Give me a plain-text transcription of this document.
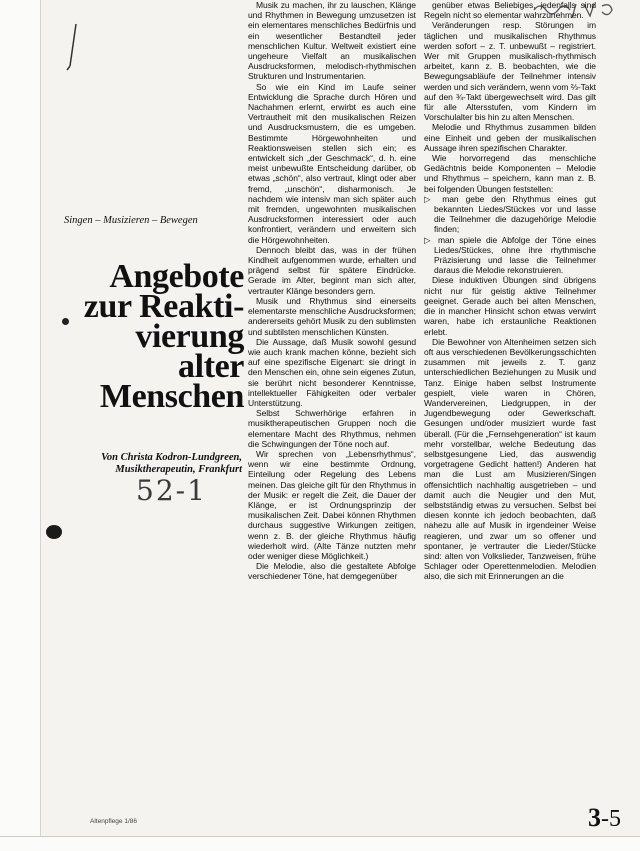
Singen – Musizieren – Bewegen
Angebote
zur Reakti-
vierung
alter
Menschen
Von Christa Kodron-Lundgreen,
Musiktherapeutin, Frankfurt
52-1

Musik zu machen, ihr zu lauschen, Klänge und Rhythmen in Bewegung umzusetzen ist ein elementares menschliches Bedürfnis und ein wesentlicher Bestandteil jeder menschlichen Kultur. Weltweit existiert eine ungeheure Vielfalt an musikalischen Ausdrucksformen, melodisch-rhythmischen Strukturen und Instrumentarien.

So wie ein Kind im Laufe seiner Entwicklung die Sprache durch Hören und Nachahmen erlernt, erwirbt es auch eine Vertrautheit mit den musikalischen Reizen und Ausdrucksmustern, die es umgeben. Bestimmte Hörgewohnheiten und Reaktionsweisen stellen sich ein; es entwickelt sich „der Geschmack“, d. h. eine meist unbewußte Entscheidung darüber, ob etwas „schön“, also vertraut, klingt oder aber fremd, „unschön“, disharmonisch. Je nachdem wie intensiv man sich später auch mit fremden, ungewohnten musikalischen Ausdrucksformen interessiert oder auch konfrontiert, verändern und erweitern sich die Hörgewohnheiten.

Dennoch bleibt das, was in der frühen Kindheit aufgenommen wurde, erhalten und prägend selbst für spätere Eindrücke. Gerade im Alter, beginnt man sich alter, vertrauter Klänge besonders gern.

Musik und Rhythmus sind einerseits elementarste menschliche Ausdrucksformen; andererseits gehört Musik zu den sublimsten und subtilsten menschlichen Künsten.

Die Aussage, daß Musik sowohl gesund wie auch krank machen könne, bezieht sich auf eine spezifische Eigenart: sie dringt in den Menschen ein, ohne sein eigenes Zutun, sie berührt nicht besonderer Kenntnisse, intellektueller Fähigkeiten oder verbaler Unterstützung.

Selbst Schwerhörige erfahren in musiktherapeutischen Gruppen noch die elementare Macht des Rhythmus, nehmen die Schwingungen der Töne noch auf.

Wir sprechen von „Lebensrhythmus“, wenn wir eine bestimmte Ordnung, Einteilung oder Regelung des Lebens meinen. Das gleiche gilt für den Rhythmus in der Musik: er regelt die Zeit, die Dauer der Klänge, er ist Ordnungsprinzip der musikalischen Zeit. Dabei können Rhythmen durchaus suggestive Wirkungen zeitigen, wenn z. B. der gleiche Rhythmus häufig wiederholt wird. (Alte Tänze nutzten mehr oder weniger diese Möglichkeit.)

Die Melodie, also die gestaltete Abfolge verschiedener Töne, hat demgegenüber

genüber etwas Beliebiges, jedenfalls sind Regeln nicht so elementar wahrzunehmen.

Veränderungen resp. Störungen im täglichen und musikalischen Rhythmus werden sofort – z. T. unbewußt – registriert. Wer mit Gruppen musikalisch-rhythmisch arbeitet, kann z. B. beobachten, wie die Bewegungsabläufe der Teilnehmer intensiv werden und sich verändern, wenn vom ⅔-Takt auf den ¾-Takt übergewechselt wird. Das gilt für alle Altersstufen, vom Kindern im Vorschulalter bis hin zu alten Menschen.

Melodie und Rhythmus zusammen bilden eine Einheit und geben der musikalischen Aussage ihren spezifischen Charakter.

Wie horvorregend das menschliche Gedächtnis beide Komponenten – Melodie und Rhythmus – speichern, kann man z. B. bei folgenden Übungen feststellen:

▷ man gebe den Rhythmus eines gut bekannten Liedes/Stückes vor und lasse die Teilnehmer die dazugehörige Melodie finden;

▷ man spiele die Abfolge der Töne eines Liedes/Stückes, ohne ihre rhythmische Präzisierung und lasse die Teilnehmer daraus die Melodie rekonstruieren.

Diese induktiven Übungen sind übrigens nicht nur für geistig aktive Teilnehmer geeignet. Gerade auch bei alten Menschen, die in mancher Hinsicht schon etwas verwirrt waren, habe ich erstaunliche Reaktionen erlebt.

Die Bewohner von Altenheimen setzen sich oft aus verschiedenen Bevölkerungsschichten zusammen mit jeweils z. T. ganz unterschiedlichen Beziehungen zu Musik und Tanz. Einige haben selbst Instrumente gespielt, viele waren in Chören, Wandervereinen, Liedgruppen, in der Jugendbewegung oder Gewerkschaft. Gesungen und/oder musiziert wurde fast überall. (Für die „Fernsehgeneration“ ist kaum mehr vorstellbar, welche Bedeutung das selbstgesungene Lied, das auswendig vorgetragene Gedicht hatten!) Anderen hat man die Lust am Musizieren/Singen offensichtlich nachhaltig ausgetrieben – und damit auch die Neugier und den Mut, selbstständig etwas zu versuchen. Selbst bei diesen konnte ich jedoch beobachten, daß nahezu alle auf Musik in irgendeiner Weise reagieren, und zwar um so offener und spontaner, je vertrauter die Lieder/Stücke sind: alten von Volkslieder, Tanzweisen, frühe Schlager oder Operettenmelodien. Melodien also, die sich mit Erinnerungen an die

Altenpflege 1/86	3-5
